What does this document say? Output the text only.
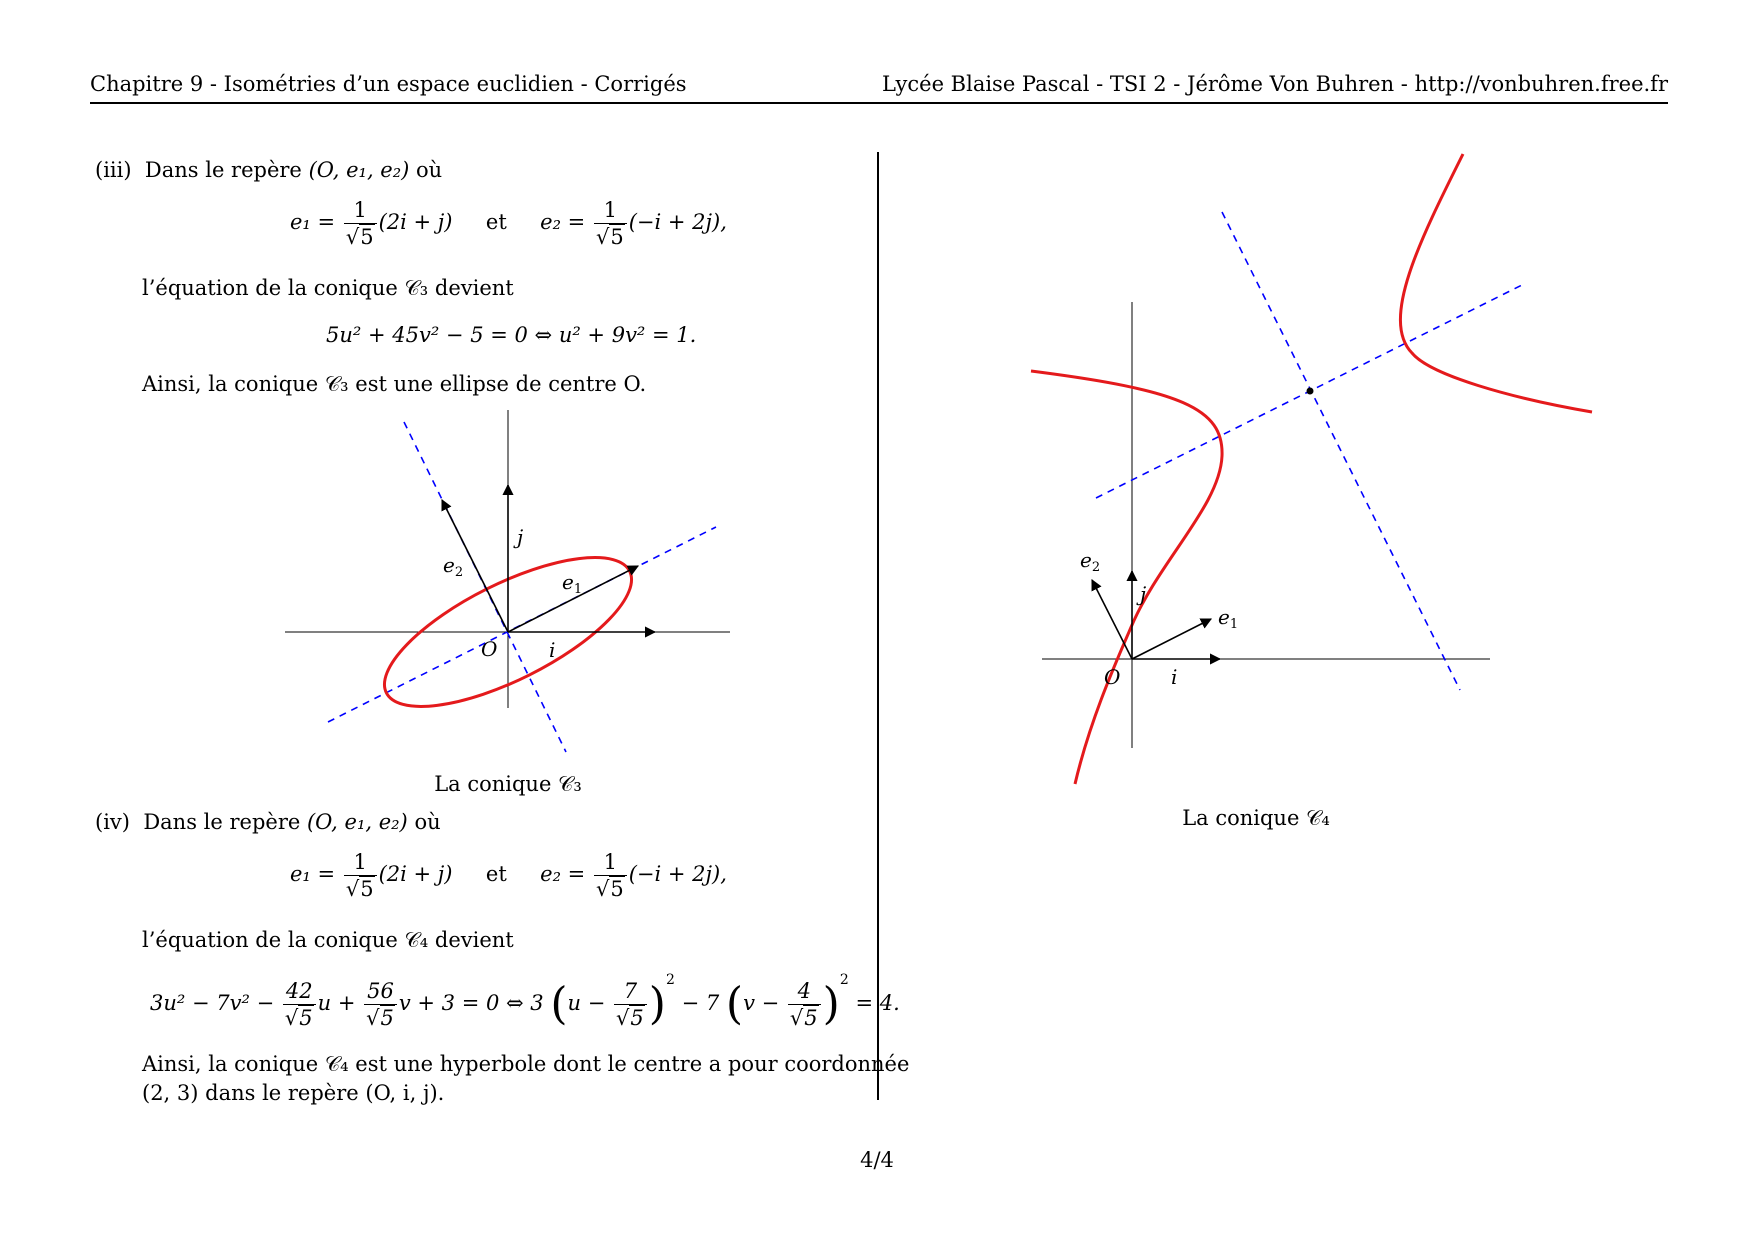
Chapitre 9 - Isométries d’un espace euclidien - Corrigés	Lycée Blaise Pascal - TSI 2 - Jérôme Von Buhren - http://vonbuhren.free.fr
(iii) Dans le repère (O, e₁, e₂) où
$e_1 = \frac{1}{√5} (2i + j)$ et $e_2 = \frac{1}{√5} (-i + 2j)$,
l’équation de la conique 𝒞₃ devient
5u² + 45v² − 5 = 0 ⇔ u² + 9v² = 1.
Ainsi, la conique 𝒞₃ est une ellipse de centre O.
O	i
j
$e_1$
$e_2$
La conique 𝒞₃
(iv) Dans le repère (O, e₁, e₂) où
$e_1 = \frac{1}{√5} (2i + j)$ et $e_2 = \frac{1}{√5} (-i + 2j)$,
l’équation de la conique 𝒞₄ devient
$3u^2 - 7v^2 - \frac{42}{√5}$ $u + \frac{56}{√5}$ v + 3 = 0 ⇔ 3 $(u - \frac{7}{√5} )^2 - 7$ $(v - \frac{4}{√5} )^2 = 4$.
Ainsi, la conique 𝒞₄ est une hyperbole dont le centre a pour coordonnée
(2, 3) dans le repère (O, i, j).
O	i
j
$e_1$
$e_2$
La conique 𝒞₄
4/4
